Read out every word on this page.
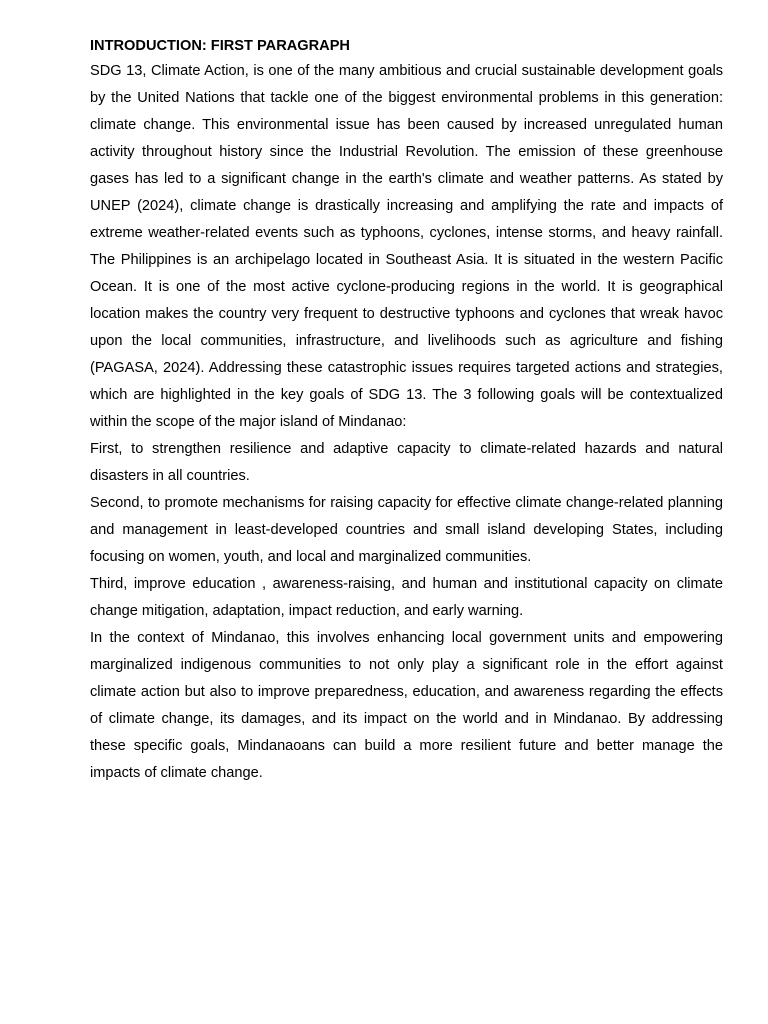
INTRODUCTION: FIRST PARAGRAPH

SDG 13, Climate Action, is one of the many ambitious and crucial sustainable development goals by the United Nations that tackle one of the biggest environmental problems in this generation: climate change. This environmental issue has been caused by increased unregulated human activity throughout history since the Industrial Revolution. The emission of these greenhouse gases has led to a significant change in the earth's climate and weather patterns. As stated by UNEP (2024), climate change is drastically increasing and amplifying the rate and impacts of extreme weather-related events such as typhoons, cyclones, intense storms, and heavy rainfall. The Philippines is an archipelago located in Southeast Asia. It is situated in the western Pacific Ocean. It is one of the most active cyclone-producing regions in the world. It is geographical location makes the country very frequent to destructive typhoons and cyclones that wreak havoc upon the local communities, infrastructure, and livelihoods such as agriculture and fishing (PAGASA, 2024). Addressing these catastrophic issues requires targeted actions and strategies, which are highlighted in the key goals of SDG 13. The 3 following goals will be contextualized within the scope of the major island of Mindanao:

First, to strengthen resilience and adaptive capacity to climate-related hazards and natural disasters in all countries.

Second, to promote mechanisms for raising capacity for effective climate change-related planning and management in least-developed countries and small island developing States, including focusing on women, youth, and local and marginalized communities.

Third, improve education , awareness-raising, and human and institutional capacity on climate change mitigation, adaptation, impact reduction, and early warning.

In the context of Mindanao, this involves enhancing local government units and empowering marginalized indigenous communities to not only play a significant role in the effort against climate action but also to improve preparedness, education, and awareness regarding the effects of climate change, its damages, and its impact on the world and in Mindanao. By addressing these specific goals, Mindanaoans can build a more resilient future and better manage the impacts of climate change.
